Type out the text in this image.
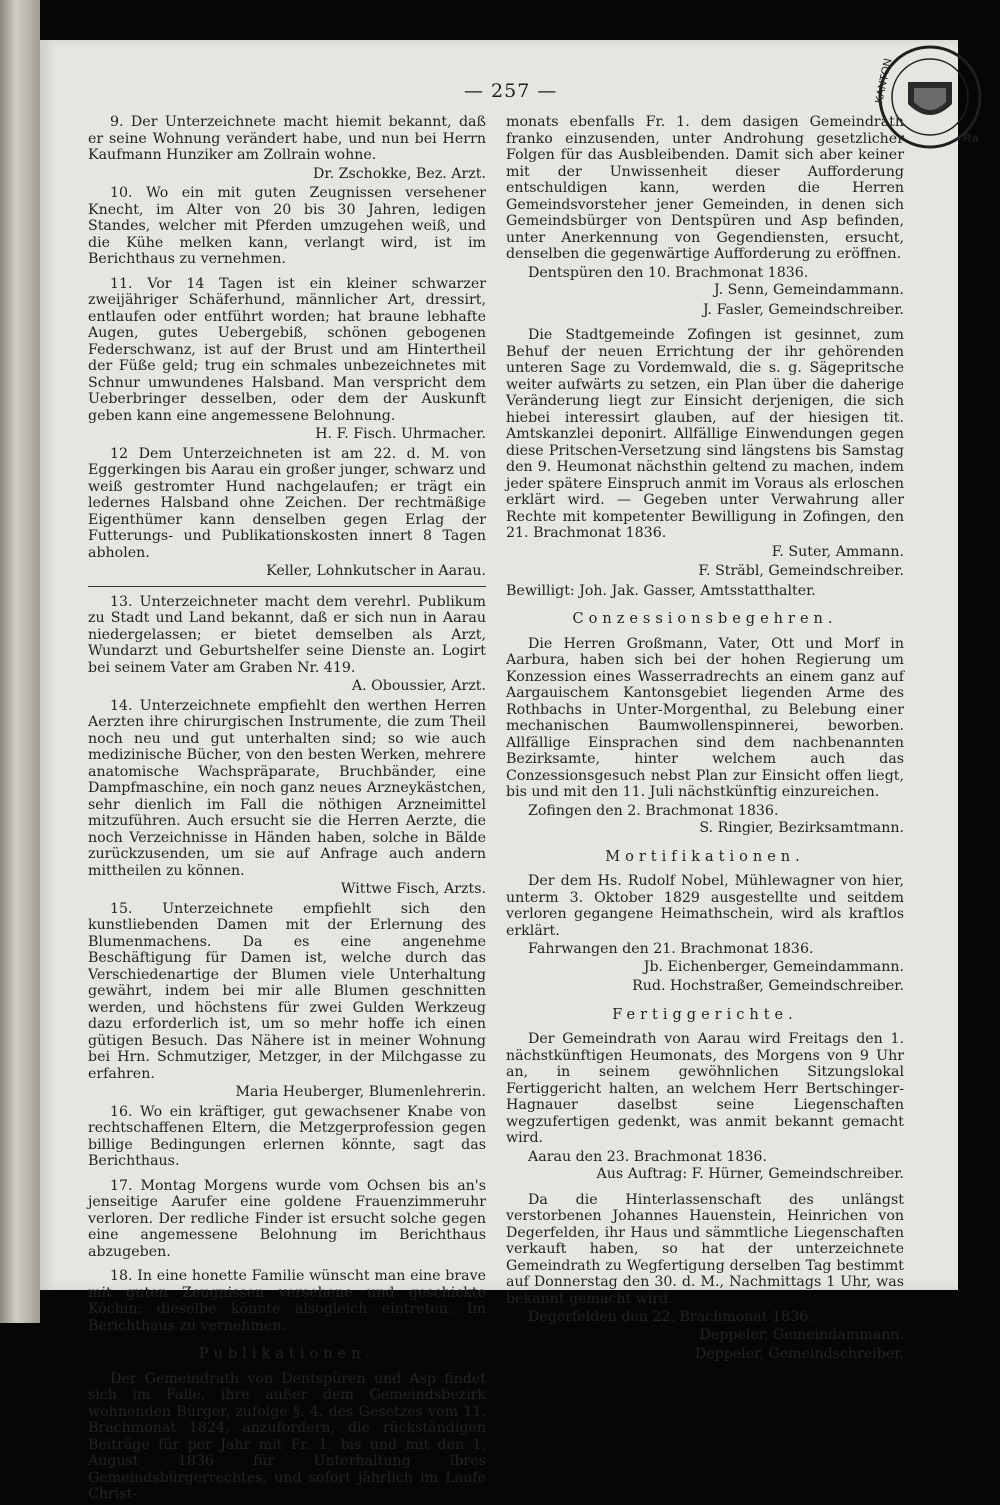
KANTON
Ra
— 257 —

9. Der Unterzeichnete macht hiemit bekannt, daß er seine Wohnung verändert habe, und nun bei Herrn Kaufmann Hunziker am Zollrain wohne.

Dr. Zschokke, Bez. Arzt.

10. Wo ein mit guten Zeugnissen versehener Knecht, im Alter von 20 bis 30 Jahren, ledigen Standes, welcher mit Pferden umzugehen weiß, und die Kühe melken kann, verlangt wird, ist im Berichthaus zu vernehmen.

11. Vor 14 Tagen ist ein kleiner schwarzer zweijähriger Schäferhund, männlicher Art, dressirt, entlaufen oder entführt worden; hat braune lebhafte Augen, gutes Uebergebiß, schönen gebogenen Federschwanz, ist auf der Brust und am Hintertheil der Füße geld; trug ein schmales unbezeichnetes mit Schnur umwundenes Halsband. Man verspricht dem Ueberbringer desselben, oder dem der Auskunft geben kann eine angemessene Belohnung.

H. F. Fisch. Uhrmacher.

12 Dem Unterzeichneten ist am 22. d. M. von Eggerkingen bis Aarau ein großer junger, schwarz und weiß gestromter Hund nachgelaufen; er trägt ein ledernes Halsband ohne Zeichen. Der rechtmäßige Eigenthümer kann denselben gegen Erlag der Futterungs- und Publikationskosten innert 8 Tagen abholen.

Keller, Lohnkutscher in Aarau.

13. Unterzeichneter macht dem verehrl. Publikum zu Stadt und Land bekannt, daß er sich nun in Aarau niedergelassen; er bietet demselben als Arzt, Wundarzt und Geburtshelfer seine Dienste an. Logirt bei seinem Vater am Graben Nr. 419.

A. Oboussier, Arzt.

14. Unterzeichnete empfiehlt den werthen Herren Aerzten ihre chirurgischen Instrumente, die zum Theil noch neu und gut unterhalten sind; so wie auch medizinische Bücher, von den besten Werken, mehrere anatomische Wachspräparate, Bruchbänder, eine Dampfmaschine, ein noch ganz neues Arzneykästchen, sehr dienlich im Fall die nöthigen Arzneimittel mitzuführen. Auch ersucht sie die Herren Aerzte, die noch Verzeichnisse in Händen haben, solche in Bälde zurückzusenden, um sie auf Anfrage auch andern mittheilen zu können.

Wittwe Fisch, Arzts.

15. Unterzeichnete empfiehlt sich den kunstliebenden Damen mit der Erlernung des Blumenmachens. Da es eine angenehme Beschäftigung für Damen ist, welche durch das Verschiedenartige der Blumen viele Unterhaltung gewährt, indem bei mir alle Blumen geschnitten werden, und höchstens für zwei Gulden Werkzeug dazu erforderlich ist, um so mehr hoffe ich einen gütigen Besuch. Das Nähere ist in meiner Wohnung bei Hrn. Schmutziger, Metzger, in der Milchgasse zu erfahren.

Maria Heuberger, Blumenlehrerin.

16. Wo ein kräftiger, gut gewachsener Knabe von rechtschaffenen Eltern, die Metzgerprofession gegen billige Bedingungen erlernen könnte, sagt das Berichthaus.

17. Montag Morgens wurde vom Ochsen bis an's jenseitige Aarufer eine goldene Frauenzimmeruhr verloren. Der redliche Finder ist ersucht solche gegen eine angemessene Belohnung im Berichthaus abzugeben.

18. In eine honette Familie wünscht man eine brave mit guten Zeugnissen versehene und geschickte Köchin; dieselbe könnte alsogleich eintreten. Im Berichthaus zu vernehmen.

Publikationen.

Der Gemeindrath von Dentspüren und Asp findet sich im Falle, ihre außer dem Gemeindsbezirk wohnenden Bürger, zufolge §. 4. des Gesetzes vom 11. Brachmonat 1824, anzufordern, die rückständigen Beiträge für per Jahr mit Fr. 1. bis und mit den 1. August 1836 für Unterhaltung ibres Gemeindsbürgerrechtes, und sofort jährlich im Laufe Christ-

monats ebenfalls Fr. 1. dem dasigen Gemeindrath franko einzusenden, unter Androhung gesetzlicher Folgen für das Ausbleibenden. Damit sich aber keiner mit der Unwissenheit dieser Aufforderung entschuldigen kann, werden die Herren Gemeindsvorsteher jener Gemeinden, in denen sich Gemeindsbürger von Dentspüren und Asp befinden, unter Anerkennung von Gegendiensten, ersucht, denselben die gegenwärtige Aufforderung zu eröffnen.

Dentspüren den 10. Brachmonat 1836.

J. Senn, Gemeindammann.

J. Fasler, Gemeindschreiber.

Die Stadtgemeinde Zofingen ist gesinnet, zum Behuf der neuen Errichtung der ihr gehörenden unteren Sage zu Vordemwald, die s. g. Sägepritsche weiter aufwärts zu setzen, ein Plan über die daherige Veränderung liegt zur Einsicht derjenigen, die sich hiebei interessirt glauben, auf der hiesigen tit. Amtskanzlei deponirt. Allfällige Einwendungen gegen diese Pritschen-Versetzung sind längstens bis Samstag den 9. Heumonat nächsthin geltend zu machen, indem jeder spätere Einspruch anmit im Voraus als erloschen erklärt wird. — Gegeben unter Verwahrung aller Rechte mit kompetenter Bewilligung in Zofingen, den 21. Brachmonat 1836.

F. Suter, Ammann.

F. Sträbl, Gemeindschreiber.

Bewilligt: Joh. Jak. Gasser, Amtsstatthalter.

Conzessionsbegehren.

Die Herren Großmann, Vater, Ott und Morf in Aarbura, haben sich bei der hohen Regierung um Konzession eines Wasserradrechts an einem ganz auf Aargauischem Kantonsgebiet liegenden Arme des Rothbachs in Unter-Morgenthal, zu Belebung einer mechanischen Baumwollenspinnerei, beworben. Allfällige Einsprachen sind dem nachbenannten Bezirksamte, hinter welchem auch das Conzessionsgesuch nebst Plan zur Einsicht offen liegt, bis und mit den 11. Juli nächstkünftig einzureichen.

Zofingen den 2. Brachmonat 1836.

S. Ringier, Bezirksamtmann.

Mortifikationen.

Der dem Hs. Rudolf Nobel, Mühlewagner von hier, unterm 3. Oktober 1829 ausgestellte und seitdem verloren gegangene Heimathschein, wird als kraftlos erklärt.

Fahrwangen den 21. Brachmonat 1836.

Jb. Eichenberger, Gemeindammann.

Rud. Hochstraßer, Gemeindschreiber.

Fertiggerichte.

Der Gemeindrath von Aarau wird Freitags den 1. nächstkünftigen Heumonats, des Morgens von 9 Uhr an, in seinem gewöhnlichen Sitzungslokal Fertiggericht halten, an welchem Herr Bertschinger-Hagnauer daselbst seine Liegenschaften wegzufertigen gedenkt, was anmit bekannt gemacht wird.

Aarau den 23. Brachmonat 1836.

Aus Auftrag: F. Hürner, Gemeindschreiber.

Da die Hinterlassenschaft des unlängst verstorbenen Johannes Hauenstein, Heinrichen von Degerfelden, ihr Haus und sämmtliche Liegenschaften verkauft haben, so hat der unterzeichnete Gemeindrath zu Wegfertigung derselben Tag bestimmt auf Donnerstag den 30. d. M., Nachmittags 1 Uhr, was bekannt gemacht wird.

Degerfelden den 22. Brachmonat 1836.

Deppeler, Gemeindammann.

Deppeler, Gemeindschreiber.
